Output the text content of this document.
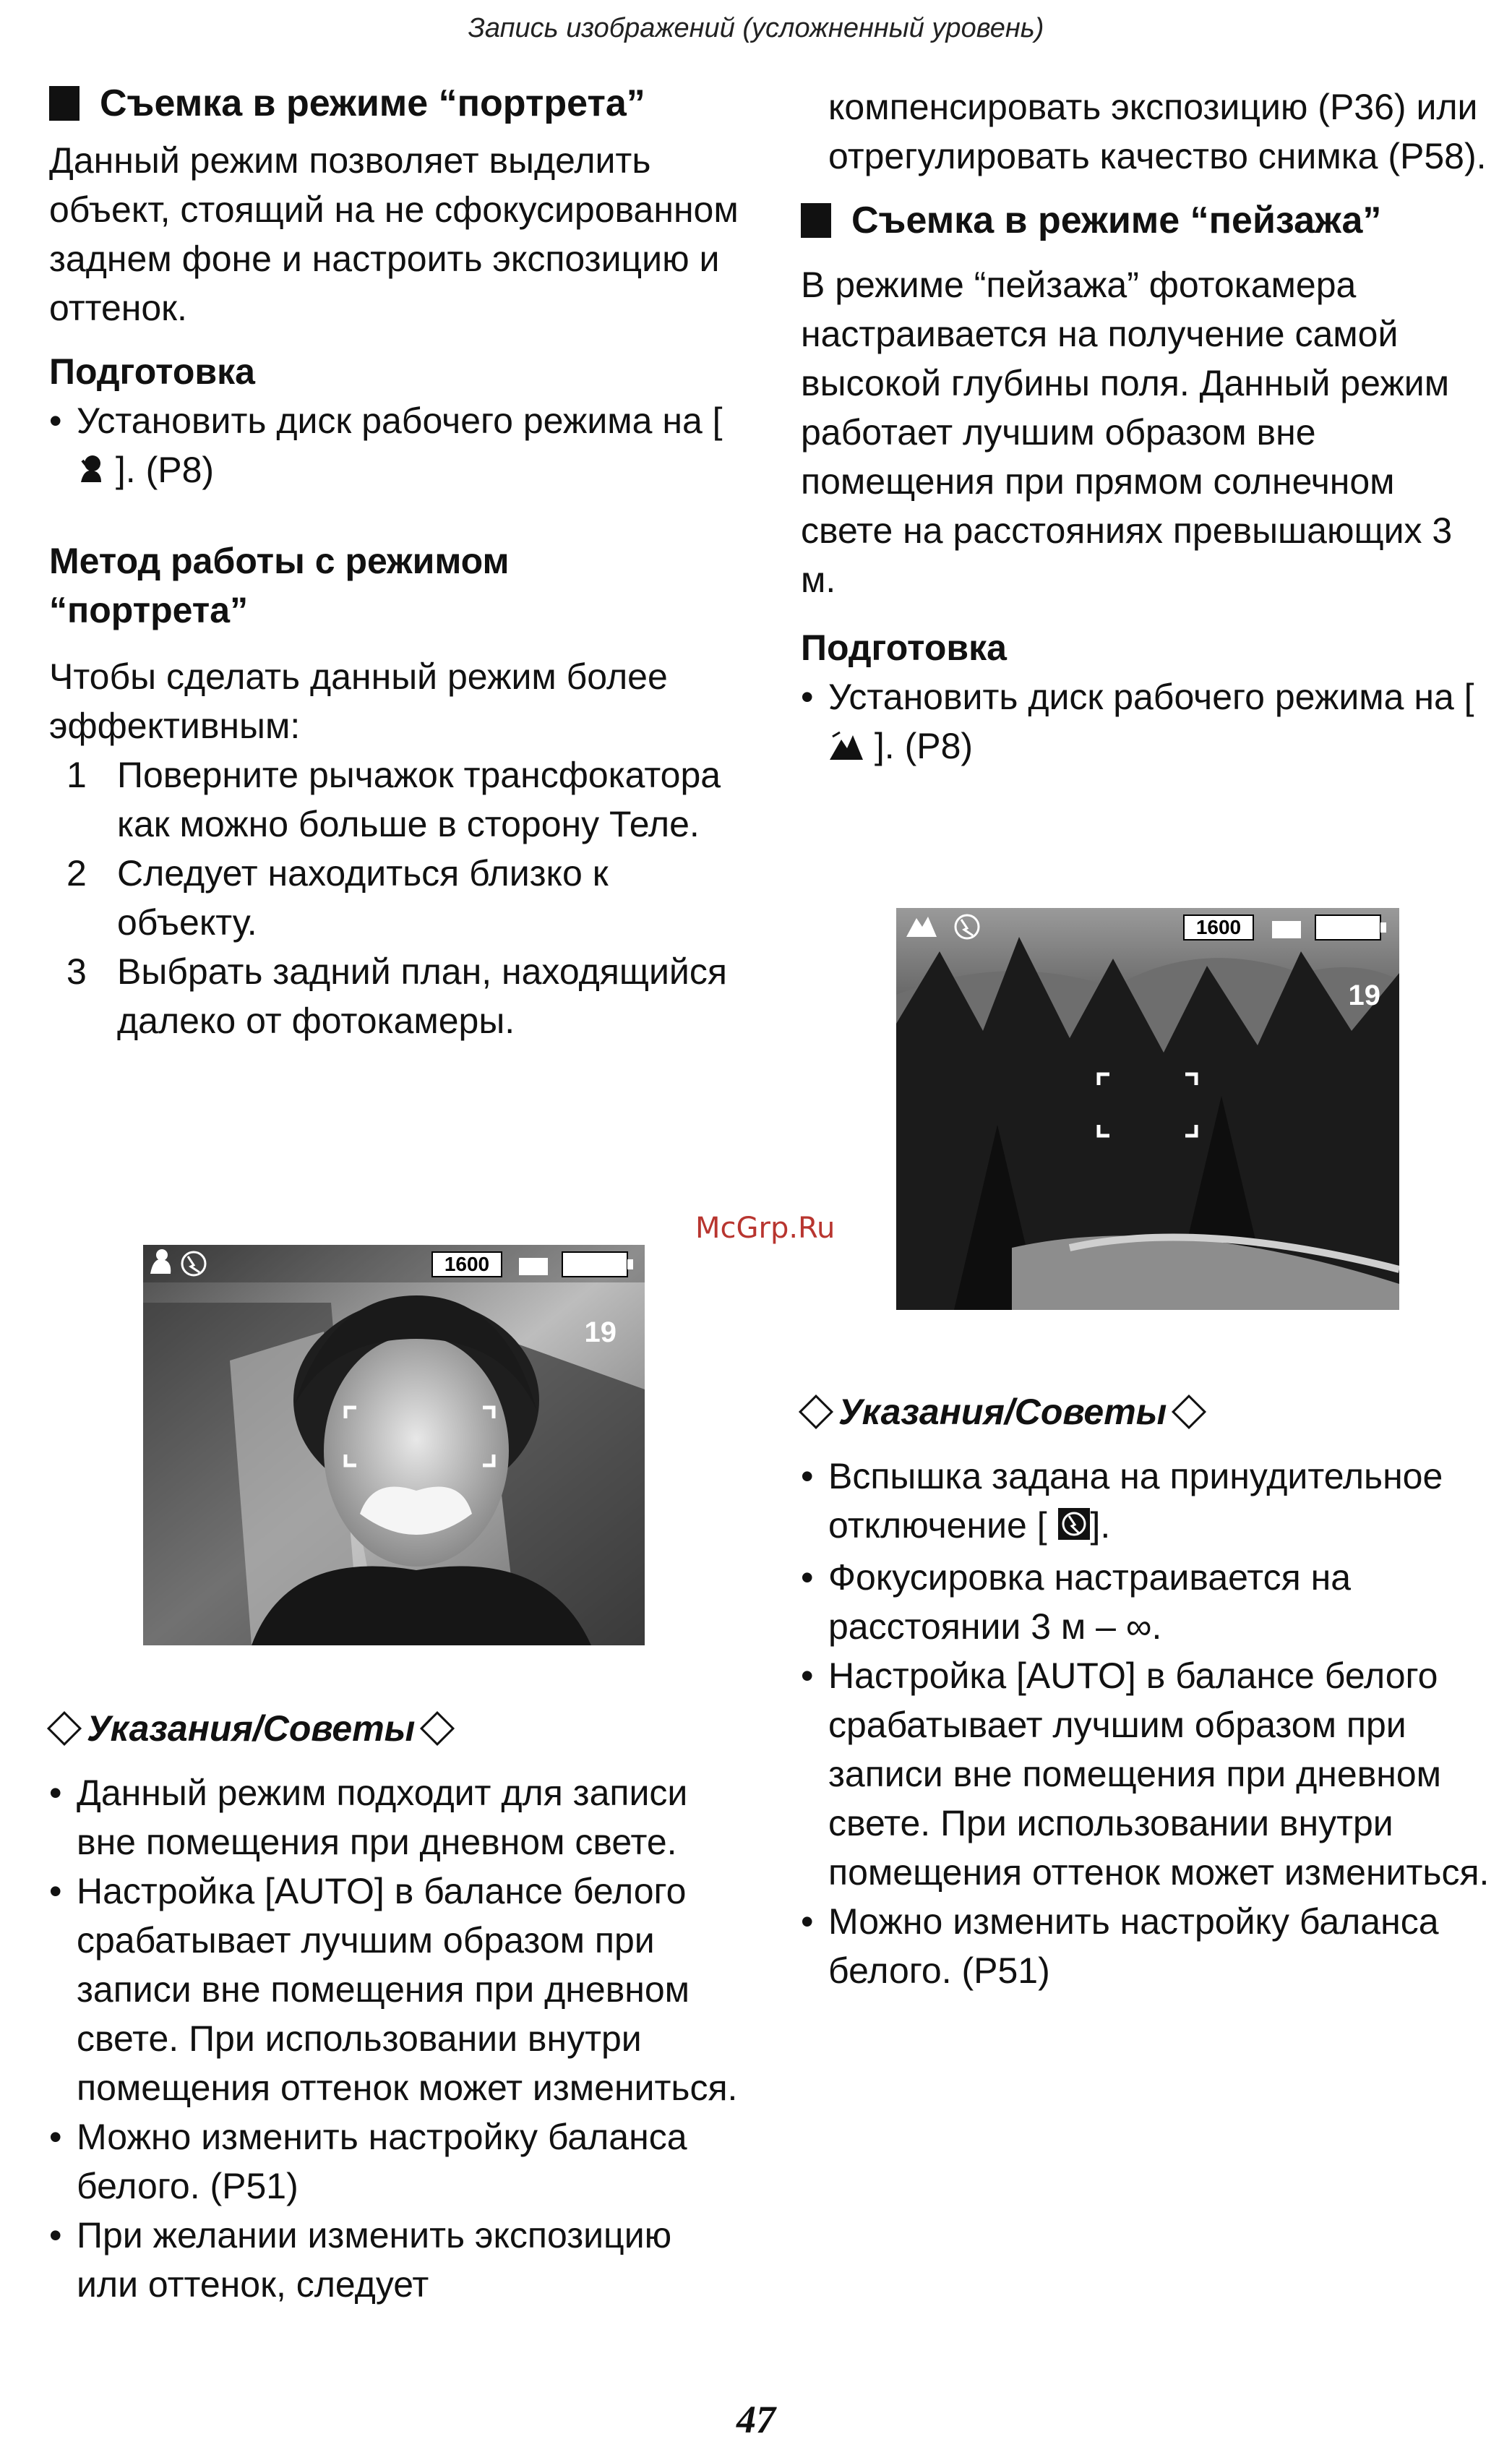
Запись изображений (усложненный уровень)
Съемка в режиме “портрета”
Данный режим позволяет выделить объект, стоящий на не сфокусированном заднем фоне и настроить экспозицию и оттенок.
Подготовка
• Установить диск рабочего режима на [  ]. (P8)
Метод работы с режимом
“портрета”
Чтобы сделать данный режим более эффективным:
1 Поверните рычажок трансфокатора как можно больше в сторону Теле.
2 Следует находиться близко к объекту.
3 Выбрать задний план, находящийся далеко от фотокамеры.
1600
19
Указания/Советы
• Данный режим подходит для записи вне помещения при дневном свете.
• Настройка [AUTO] в балансе белого срабатывает лучшим образом при записи вне помещения при дневном свете. При использовании внутри помещения оттенок может измениться.
• Можно изменить настройку баланса белого. (P51)
• При желании изменить экспозицию или оттенок, следует
компенсировать экспозицию (P36) или отрегулировать качество снимка (P58).
Съемка в режиме “пейзажа”
В режиме “пейзажа” фотокамера настраивается на получение самой высокой глубины поля. Данный режим работает лучшим образом вне помещения при прямом солнечном свете на расстояниях превышающих 3 м.
Подготовка
• Установить диск рабочего режима на [  ]. (P8)
1600
19
Указания/Советы
• Вспышка задана на принудительное отключение [ ].
• Фокусировка настраивается на расстоянии 3 м – ∞.
• Настройка [AUTO] в балансе белого срабатывает лучшим образом при записи вне помещения при дневном свете. При использовании внутри помещения оттенок может измениться.
• Можно изменить настройку баланса белого. (P51)
McGrp.Ru
47
